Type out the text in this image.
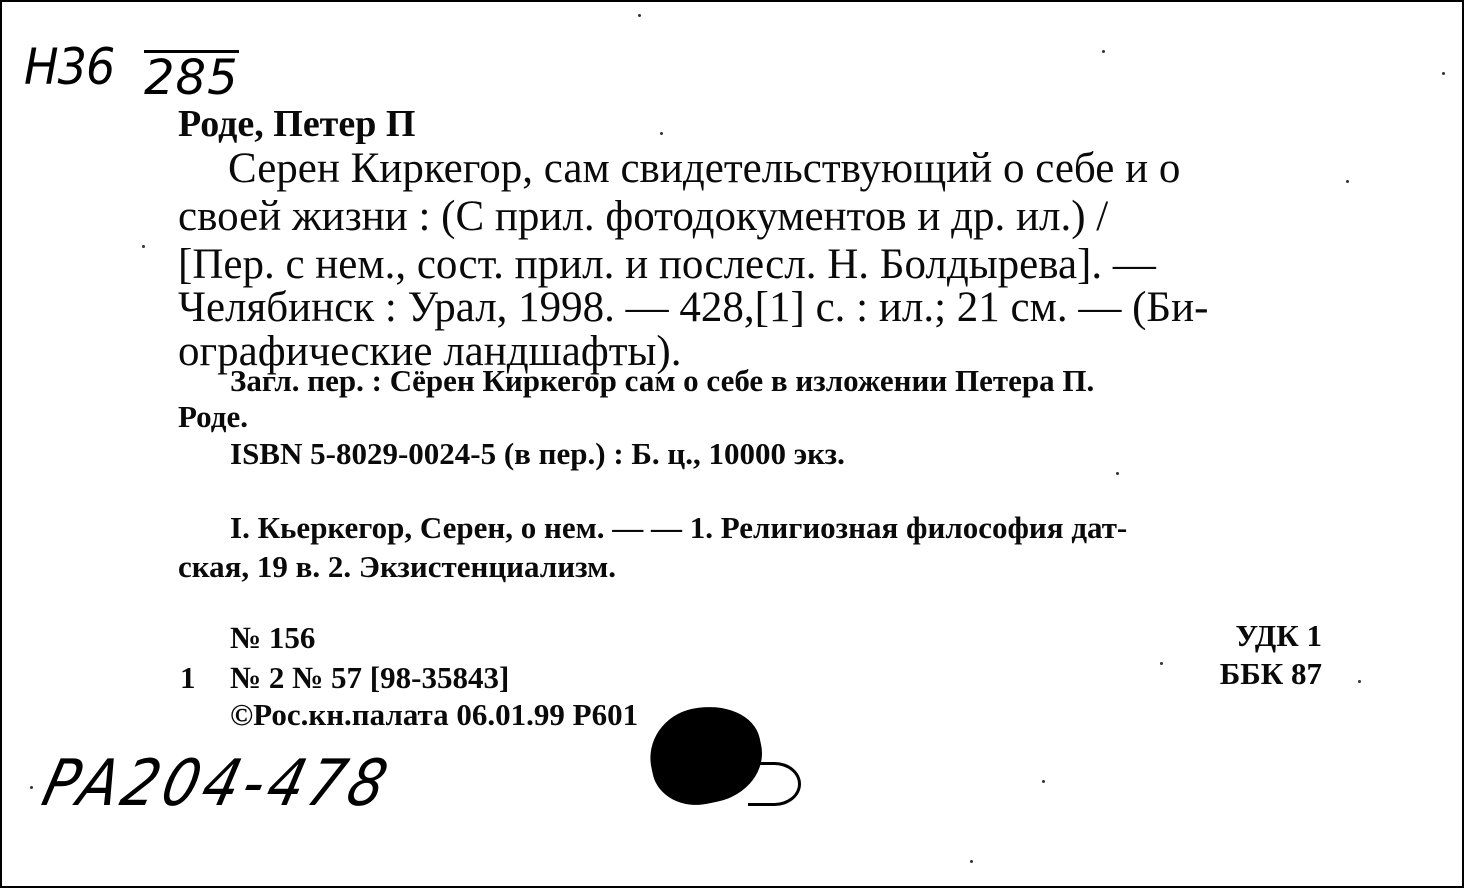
Н36 285
Роде, Петер П
Серен Киркегор, сам свидетельствующий о себе и о
своей жизни : (С прил. фотодокументов и др. ил.) /
[Пер. с нем., сост. прил. и послесл. Н. Болдырева]. —
Челябинск : Урал, 1998. — 428,[1] с. : ил.; 21 см. — (Би-
ографические ландшафты).
Загл. пер. : Сёрен Киркегор сам о себе в изложении Петера П.
Роде.
ISBN 5-8029-0024-5 (в пер.) : Б. ц., 10000 экз.
I. Кьеркегор, Серен, о нем. — — 1. Религиозная философия дат-
ская, 19 в. 2. Экзистенциализм.
№ 156
1 № 2 № 57 [98-35843]
©Рос.кн.палата 06.01.99 Р601
УДК 1
ББК 87
PA204-478
